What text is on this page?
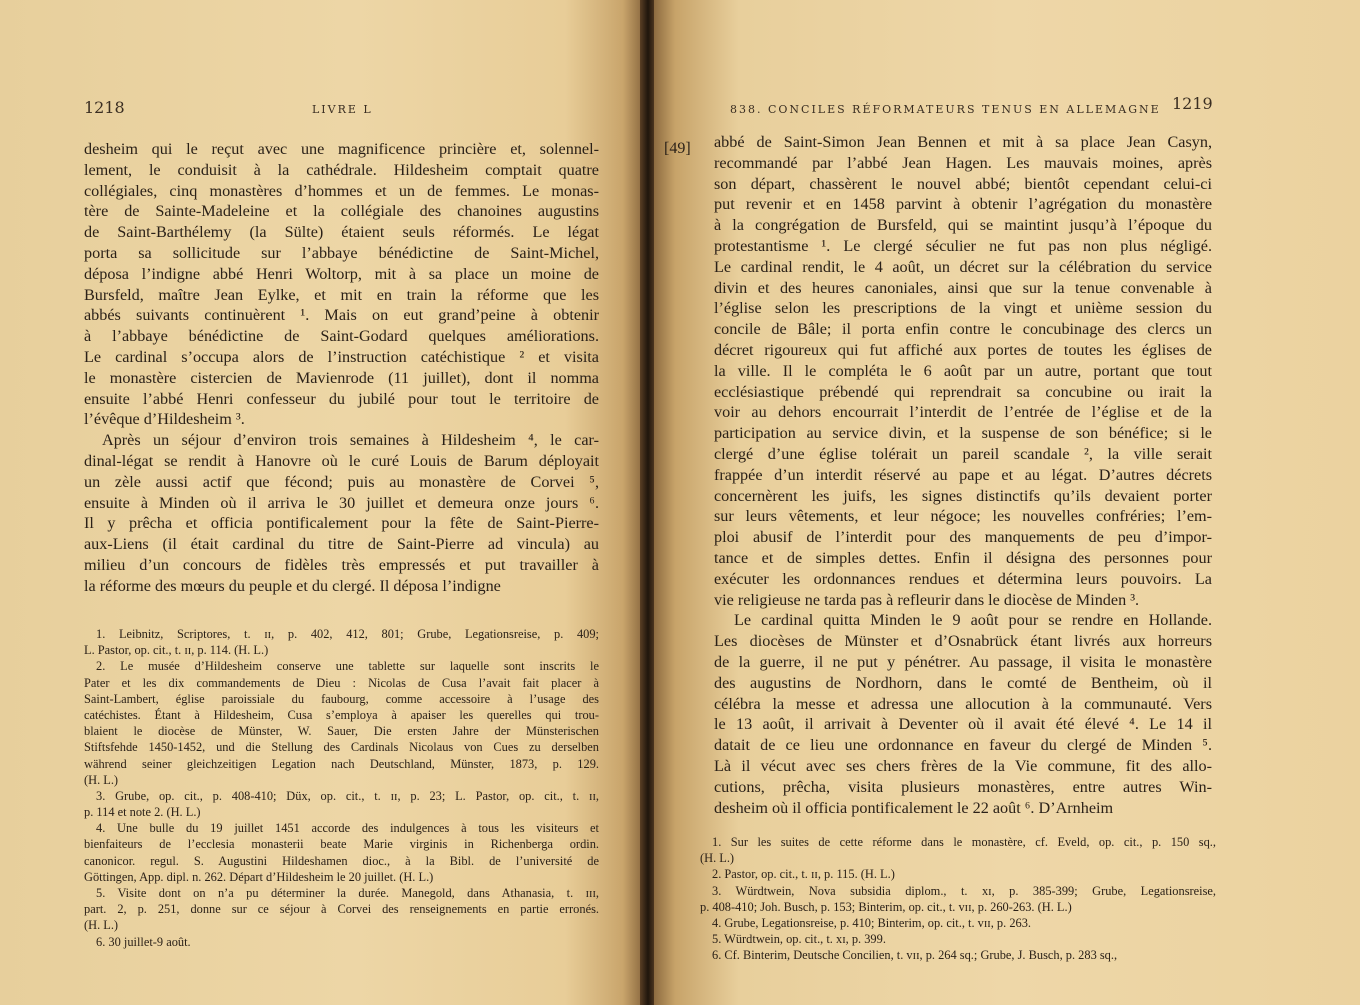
1218	LIVRE L
desheim qui le reçut avec une magnificence princière et, solennel-
lement, le conduisit à la cathédrale. Hildesheim comptait quatre
collégiales, cinq monastères d’hommes et un de femmes. Le monas-
tère de Sainte-Madeleine et la collégiale des chanoines augustins
de Saint-Barthélemy (la Sülte) étaient seuls réformés. Le légat
porta sa sollicitude sur l’abbaye bénédictine de Saint-Michel,
déposa l’indigne abbé Henri Woltorp, mit à sa place un moine de
Bursfeld, maître Jean Eylke, et mit en train la réforme que les
abbés suivants continuèrent ¹. Mais on eut grand’peine à obtenir
à l’abbaye bénédictine de Saint-Godard quelques améliorations.
Le cardinal s’occupa alors de l’instruction catéchistique ² et visita
le monastère cistercien de Mavienrode (11 juillet), dont il nomma
ensuite l’abbé Henri confesseur du jubilé pour tout le territoire de
l’évêque d’Hildesheim ³.
Après un séjour d’environ trois semaines à Hildesheim ⁴, le car-
dinal-légat se rendit à Hanovre où le curé Louis de Barum déployait
un zèle aussi actif que fécond; puis au monastère de Corvei ⁵,
ensuite à Minden où il arriva le 30 juillet et demeura onze jours ⁶.
Il y prêcha et officia pontificalement pour la fête de Saint-Pierre-
aux-Liens (il était cardinal du titre de Saint-Pierre ad vincula) au
milieu d’un concours de fidèles très empressés et put travailler à
la réforme des mœurs du peuple et du clergé. Il déposa l’indigne
1. Leibnitz, Scriptores, t. ɪɪ, p. 402, 412, 801; Grube, Legationsreise, p. 409;
L. Pastor, op. cit., t. ɪɪ, p. 114. (H. L.)
2. Le musée d’Hildesheim conserve une tablette sur laquelle sont inscrits le
Pater et les dix commandements de Dieu : Nicolas de Cusa l’avait fait placer à
Saint-Lambert, église paroissiale du faubourg, comme accessoire à l’usage des
catéchistes. Étant à Hildesheim, Cusa s’employa à apaiser les querelles qui trou-
blaient le diocèse de Münster, W. Sauer, Die ersten Jahre der Münsterischen
Stiftsfehde 1450-1452, und die Stellung des Cardinals Nicolaus von Cues zu derselben
während seiner gleichzeitigen Legation nach Deutschland, Münster, 1873, p. 129.
(H. L.)
3. Grube, op. cit., p. 408-410; Düx, op. cit., t. ɪɪ, p. 23; L. Pastor, op. cit., t. ɪɪ,
p. 114 et note 2. (H. L.)
4. Une bulle du 19 juillet 1451 accorde des indulgences à tous les visiteurs et
bienfaiteurs de l’ecclesia monasterii beate Marie virginis in Richenberga ordin.
canonicor. regul. S. Augustini Hildeshamen dioc., à la Bibl. de l’université de
Göttingen, App. dipl. n. 262. Départ d’Hildesheim le 20 juillet. (H. L.)
5. Visite dont on n’a pu déterminer la durée. Manegold, dans Athanasia, t. ɪɪɪ,
part. 2, p. 251, donne sur ce séjour à Corvei des renseignements en partie erronés.
(H. L.)
6. 30 juillet-9 août.
838. CONCILES RÉFORMATEURS TENUS EN ALLEMAGNE 1219
[49]	abbé de Saint-Simon Jean Bennen et mit à sa place Jean Casyn,
recommandé par l’abbé Jean Hagen. Les mauvais moines, après
son départ, chassèrent le nouvel abbé; bientôt cependant celui-ci
put revenir et en 1458 parvint à obtenir l’agrégation du monastère
à la congrégation de Bursfeld, qui se maintint jusqu’à l’époque du
protestantisme ¹. Le clergé séculier ne fut pas non plus négligé.
Le cardinal rendit, le 4 août, un décret sur la célébration du service
divin et des heures canoniales, ainsi que sur la tenue convenable à
l’église selon les prescriptions de la vingt et unième session du
concile de Bâle; il porta enfin contre le concubinage des clercs un
décret rigoureux qui fut affiché aux portes de toutes les églises de
la ville. Il le compléta le 6 août par un autre, portant que tout
ecclésiastique prébendé qui reprendrait sa concubine ou irait la
voir au dehors encourrait l’interdit de l’entrée de l’église et de la
participation au service divin, et la suspense de son bénéfice; si le
clergé d’une église tolérait un pareil scandale ², la ville serait
frappée d’un interdit réservé au pape et au légat. D’autres décrets
concernèrent les juifs, les signes distinctifs qu’ils devaient porter
sur leurs vêtements, et leur négoce; les nouvelles confréries; l’em-
ploi abusif de l’interdit pour des manquements de peu d’impor-
tance et de simples dettes. Enfin il désigna des personnes pour
exécuter les ordonnances rendues et détermina leurs pouvoirs. La
vie religieuse ne tarda pas à refleurir dans le diocèse de Minden ³.
Le cardinal quitta Minden le 9 août pour se rendre en Hollande.
Les diocèses de Münster et d’Osnabrück étant livrés aux horreurs
de la guerre, il ne put y pénétrer. Au passage, il visita le monastère
des augustins de Nordhorn, dans le comté de Bentheim, où il
célébra la messe et adressa une allocution à la communauté. Vers
le 13 août, il arrivait à Deventer où il avait été élevé ⁴. Le 14 il
datait de ce lieu une ordonnance en faveur du clergé de Minden ⁵.
Là il vécut avec ses chers frères de la Vie commune, fit des allo-
cutions, prêcha, visita plusieurs monastères, entre autres Win-
desheim où il officia pontificalement le 22 août ⁶. D’Arnheim
1. Sur les suites de cette réforme dans le monastère, cf. Eveld, op. cit., p. 150 sq.,
(H. L.)
2. Pastor, op. cit., t. ɪɪ, p. 115. (H. L.)
3. Würdtwein, Nova subsidia diplom., t. xɪ, p. 385-399; Grube, Legationsreise,
p. 408-410; Joh. Busch, p. 153; Binterim, op. cit., t. vɪɪ, p. 260-263. (H. L.)
4. Grube, Legationsreise, p. 410; Binterim, op. cit., t. vɪɪ, p. 263.
5. Würdtwein, op. cit., t. xɪ, p. 399.
6. Cf. Binterim, Deutsche Concilien, t. vɪɪ, p. 264 sq.; Grube, J. Busch, p. 283 sq.,
